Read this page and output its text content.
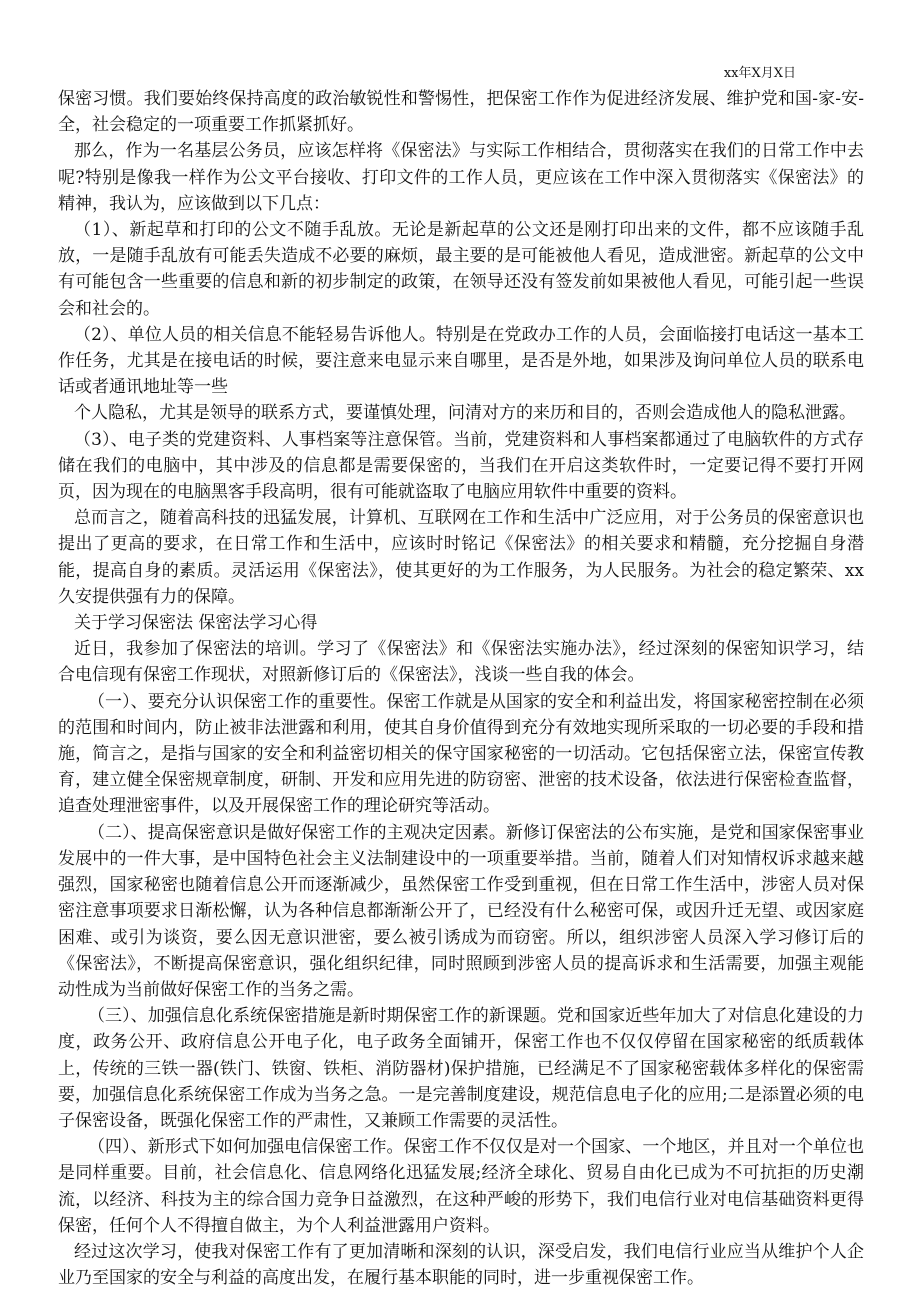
xx年X月X日

保密习惯。我们要始终保持高度的政治敏锐性和警惕性，把保密工作作为促进经济发展、维护党和国-家-安-全，社会稳定的一项重要工作抓紧抓好。

那么，作为一名基层公务员，应该怎样将《保密法》与实际工作相结合，贯彻落实在我们的日常工作中去呢?特别是像我一样作为公文平台接收、打印文件的工作人员，更应该在工作中深入贯彻落实《保密法》的精神，我认为，应该做到以下几点：

（1）、新起草和打印的公文不随手乱放。无论是新起草的公文还是刚打印出来的文件，都不应该随手乱放，一是随手乱放有可能丢失造成不必要的麻烦，最主要的是可能被他人看见，造成泄密。新起草的公文中有可能包含一些重要的信息和新的初步制定的政策，在领导还没有签发前如果被他人看见，可能引起一些误会和社会的。

（2）、单位人员的相关信息不能轻易告诉他人。特别是在党政办工作的人员，会面临接打电话这一基本工作任务，尤其是在接电话的时候，要注意来电显示来自哪里，是否是外地，如果涉及询问单位人员的联系电话或者通讯地址等一些

个人隐私，尤其是领导的联系方式，要谨慎处理，问清对方的来历和目的，否则会造成他人的隐私泄露。

（3）、电子类的党建资料、人事档案等注意保管。当前，党建资料和人事档案都通过了电脑软件的方式存储在我们的电脑中，其中涉及的信息都是需要保密的，当我们在开启这类软件时，一定要记得不要打开网页，因为现在的电脑黑客手段高明，很有可能就盗取了电脑应用软件中重要的资料。

总而言之，随着高科技的迅猛发展，计算机、互联网在工作和生活中广泛应用，对于公务员的保密意识也提出了更高的要求，在日常工作和生活中，应该时时铭记《保密法》的相关要求和精髓，充分挖掘自身潜能，提高自身的素质。灵活运用《保密法》，使其更好的为工作服务，为人民服务。为社会的稳定繁荣、xx久安提供强有力的保障。

关于学习保密法 保密法学习心得

近日，我参加了保密法的培训。学习了《保密法》和《保密法实施办法》，经过深刻的保密知识学习，结合电信现有保密工作现状，对照新修订后的《保密法》，浅谈一些自我的体会。

（一）、要充分认识保密工作的重要性。保密工作就是从国家的安全和利益出发，将国家秘密控制在必须的范围和时间内，防止被非法泄露和利用，使其自身价值得到充分有效地实现所采取的一切必要的手段和措施，简言之，是指与国家的安全和利益密切相关的保守国家秘密的一切活动。它包括保密立法，保密宣传教育，建立健全保密规章制度，研制、开发和应用先进的防窃密、泄密的技术设备，依法进行保密检查监督，追查处理泄密事件，以及开展保密工作的理论研究等活动。

（二）、提高保密意识是做好保密工作的主观决定因素。新修订保密法的公布实施，是党和国家保密事业发展中的一件大事，是中国特色社会主义法制建设中的一项重要举措。当前，随着人们对知情权诉求越来越强烈，国家秘密也随着信息公开而逐渐减少，虽然保密工作受到重视，但在日常工作生活中，涉密人员对保密注意事项要求日渐松懈，认为各种信息都渐渐公开了，已经没有什么秘密可保，或因升迁无望、或因家庭困难、或引为谈资，要么因无意识泄密，要么被引诱成为而窃密。所以，组织涉密人员深入学习修订后的《保密法》，不断提高保密意识，强化组织纪律，同时照顾到涉密人员的提高诉求和生活需要，加强主观能动性成为当前做好保密工作的当务之需。

（三）、加强信息化系统保密措施是新时期保密工作的新课题。党和国家近些年加大了对信息化建设的力度，政务公开、政府信息公开电子化，电子政务全面铺开，保密工作也不仅仅停留在国家秘密的纸质载体上，传统的三铁一器(铁门、铁窗、铁柜、消防器材)保护措施，已经满足不了国家秘密载体多样化的保密需要，加强信息化系统保密工作成为当务之急。一是完善制度建设，规范信息电子化的应用;二是添置必须的电子保密设备，既强化保密工作的严肃性，又兼顾工作需要的灵活性。

（四）、新形式下如何加强电信保密工作。保密工作不仅仅是对一个国家、一个地区，并且对一个单位也是同样重要。目前，社会信息化、信息网络化迅猛发展;经济全球化、贸易自由化已成为不可抗拒的历史潮流，以经济、科技为主的综合国力竞争日益激烈，在这种严峻的形势下，我们电信行业对电信基础资料更得保密，任何个人不得擅自做主，为个人利益泄露用户资料。

经过这次学习，使我对保密工作有了更加清晰和深刻的认识，深受启发，我们电信行业应当从维护个人企业乃至国家的安全与利益的高度出发，在履行基本职能的同时，进一步重视保密工作。
